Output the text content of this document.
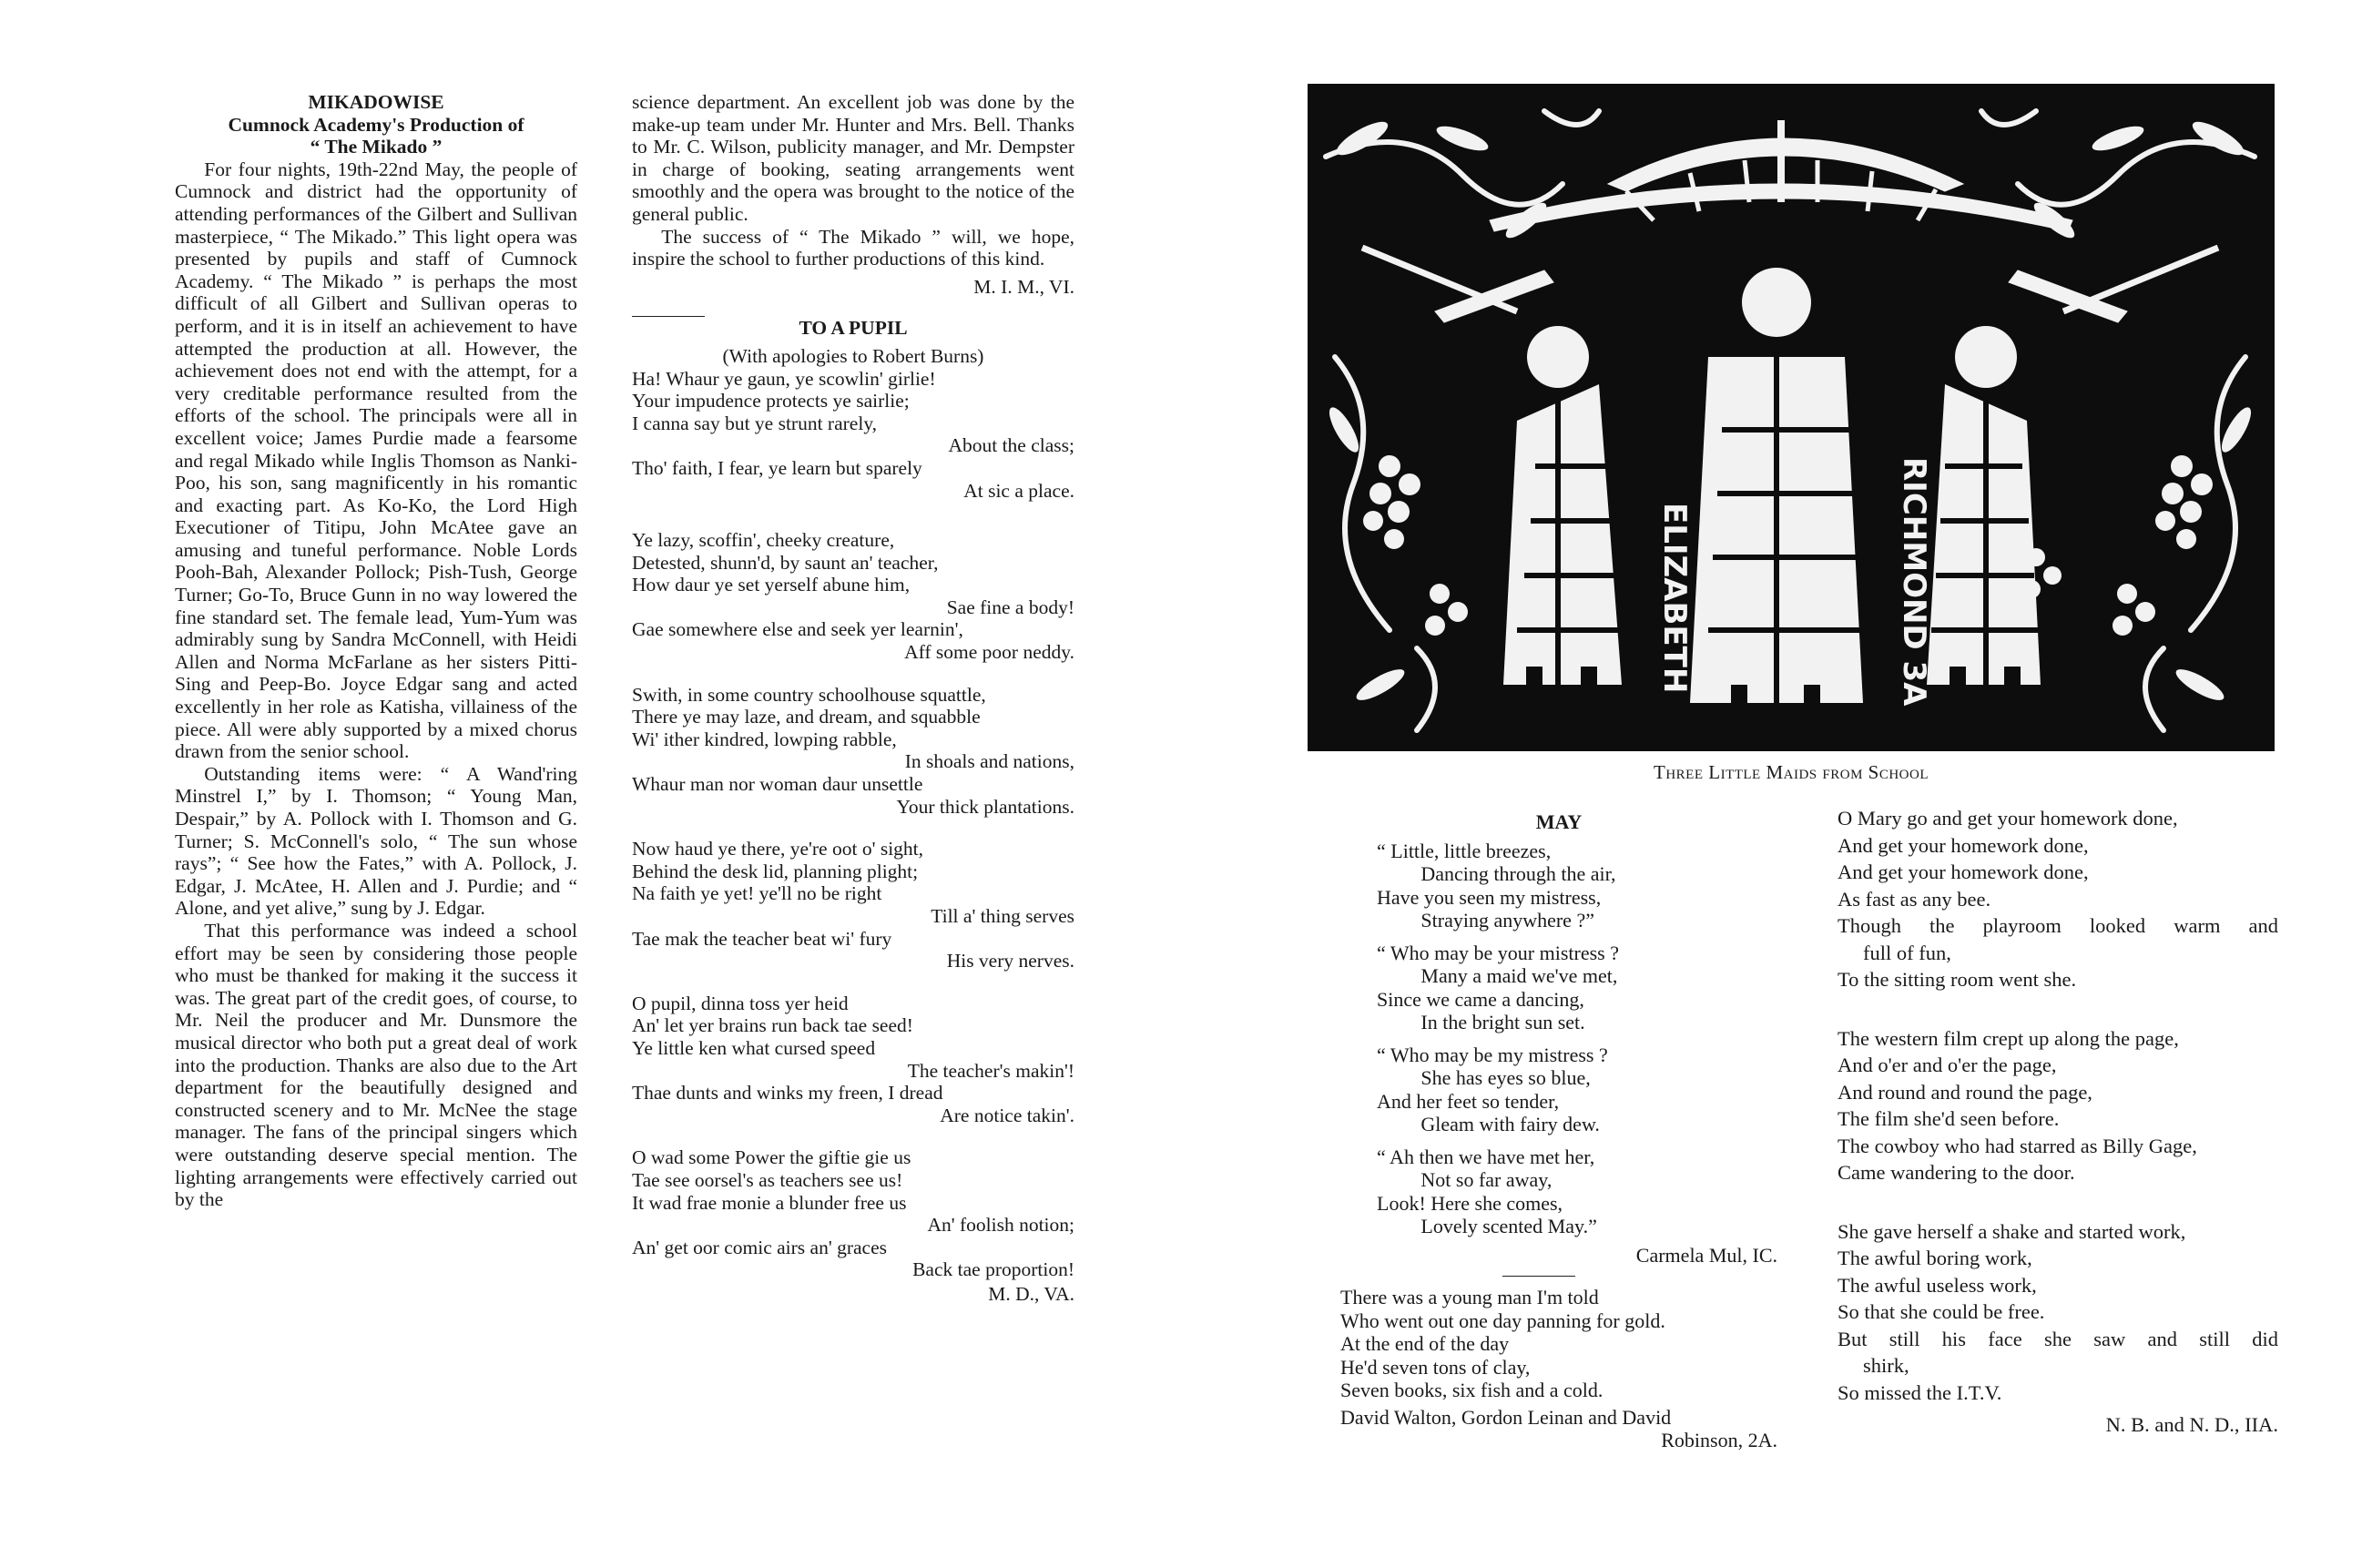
MIKADOWISE
Cumnock Academy's Production of
“ The Mikado ”

For four nights, 19th-22nd May, the people of Cumnock and district had the opportunity of attending performances of the Gilbert and Sullivan masterpiece, “ The Mikado.” This light opera was presented by pupils and staff of Cumnock Academy. “ The Mikado ” is perhaps the most difficult of all Gilbert and Sullivan operas to perform, and it is in itself an achievement to have attempted the production at all. However, the achievement does not end with the attempt, for a very creditable performance resulted from the efforts of the school. The principals were all in excellent voice; James Purdie made a fearsome and regal Mikado while Inglis Thomson as Nanki-Poo, his son, sang magnificently in his romantic and exacting part. As Ko-Ko, the Lord High Executioner of Titipu, John McAtee gave an amusing and tuneful performance. Noble Lords Pooh-Bah, Alexander Pollock; Pish-Tush, George Turner; Go-To, Bruce Gunn in no way lowered the fine standard set. The female lead, Yum-Yum was admirably sung by Sandra McConnell, with Heidi Allen and Norma McFarlane as her sisters Pitti-Sing and Peep-Bo. Joyce Edgar sang and acted excellently in her role as Katisha, villainess of the piece. All were ably supported by a mixed chorus drawn from the senior school.

Outstanding items were: “ A Wand'ring Minstrel I,” by I. Thomson; “ Young Man, Despair,” by A. Pollock with I. Thomson and G. Turner; S. McConnell's solo, “ The sun whose rays”; “ See how the Fates,” with A. Pollock, J. Edgar, J. McAtee, H. Allen and J. Purdie; and “ Alone, and yet alive,” sung by J. Edgar.

That this performance was indeed a school effort may be seen by considering those people who must be thanked for making it the success it was. The great part of the credit goes, of course, to Mr. Neil the producer and Mr. Dunsmore the musical director who both put a great deal of work into the production. Thanks are also due to the Art department for the beautifully designed and constructed scenery and to Mr. McNee the stage manager. The fans of the principal singers which were outstanding deserve special mention. The lighting arrangements were effectively carried out by the

science department. An excellent job was done by the make-up team under Mr. Hunter and Mrs. Bell. Thanks to Mr. C. Wilson, publicity manager, and Mr. Dempster in charge of booking, seating arrangements went smoothly and the opera was brought to the notice of the general public.

The success of “ The Mikado ” will, we hope, inspire the school to further productions of this kind.

M. I. M., VI.
TO A PUPIL
(With apologies to Robert Burns)
Ha! Whaur ye gaun, ye scowlin' girlie!
Your impudence protects ye sairlie;
I canna say but ye strunt rarely,
About the class;
Tho' faith, I fear, ye learn but sparely
At sic a place.
Ye lazy, scoffin', cheeky creature,
Detested, shunn'd, by saunt an' teacher,
How daur ye set yerself abune him,
Sae fine a body!
Gae somewhere else and seek yer learnin',
Aff some poor neddy.
Swith, in some country schoolhouse squattle,
There ye may laze, and dream, and squabble
Wi' ither kindred, lowping rabble,
In shoals and nations,
Whaur man nor woman daur unsettle
Your thick plantations.
Now haud ye there, ye're oot o' sight,
Behind the desk lid, planning plight;
Na faith ye yet! ye'll no be right
Till a' thing serves
Tae mak the teacher beat wi' fury
His very nerves.
O pupil, dinna toss yer heid
An' let yer brains run back tae seed!
Ye little ken what cursed speed
The teacher's makin'!
Thae dunts and winks my freen, I dread
Are notice takin'.
O wad some Power the giftie gie us
Tae see oorsel's as teachers see us!
It wad frae monie a blunder free us
An' foolish notion;
An' get oor comic airs an' graces
Back tae proportion!
M. D., VA.
ELIZABETH	RICHMOND 3A
Three Little Maids from School
MAY
“ Little, little breezes,
Dancing through the air,
Have you seen my mistress,
Straying anywhere ?”
“ Who may be your mistress ?
Many a maid we've met,
Since we came a dancing,
In the bright sun set.
“ Who may be my mistress ?
She has eyes so blue,
And her feet so tender,
Gleam with fairy dew.
“ Ah then we have met her,
Not so far away,
Look! Here she comes,
Lovely scented May.”
Carmela Mul, IC.
There was a young man I'm told
Who went out one day panning for gold.
At the end of the day
He'd seven tons of clay,
Seven books, six fish and a cold.
David Walton, Gordon Leinan and David
Robinson, 2A.
O Mary go and get your homework done,
And get your homework done,
And get your homework done,
As fast as any bee.
Though the playroom looked warm and
full of fun,
To the sitting room went she.
The western film crept up along the page,
And o'er and o'er the page,
And round and round the page,
The film she'd seen before.
The cowboy who had starred as Billy Gage,
Came wandering to the door.
She gave herself a shake and started work,
The awful boring work,
The awful useless work,
So that she could be free.
But still his face she saw and still did
shirk,
So missed the I.T.V.
N. B. and N. D., IIA.
